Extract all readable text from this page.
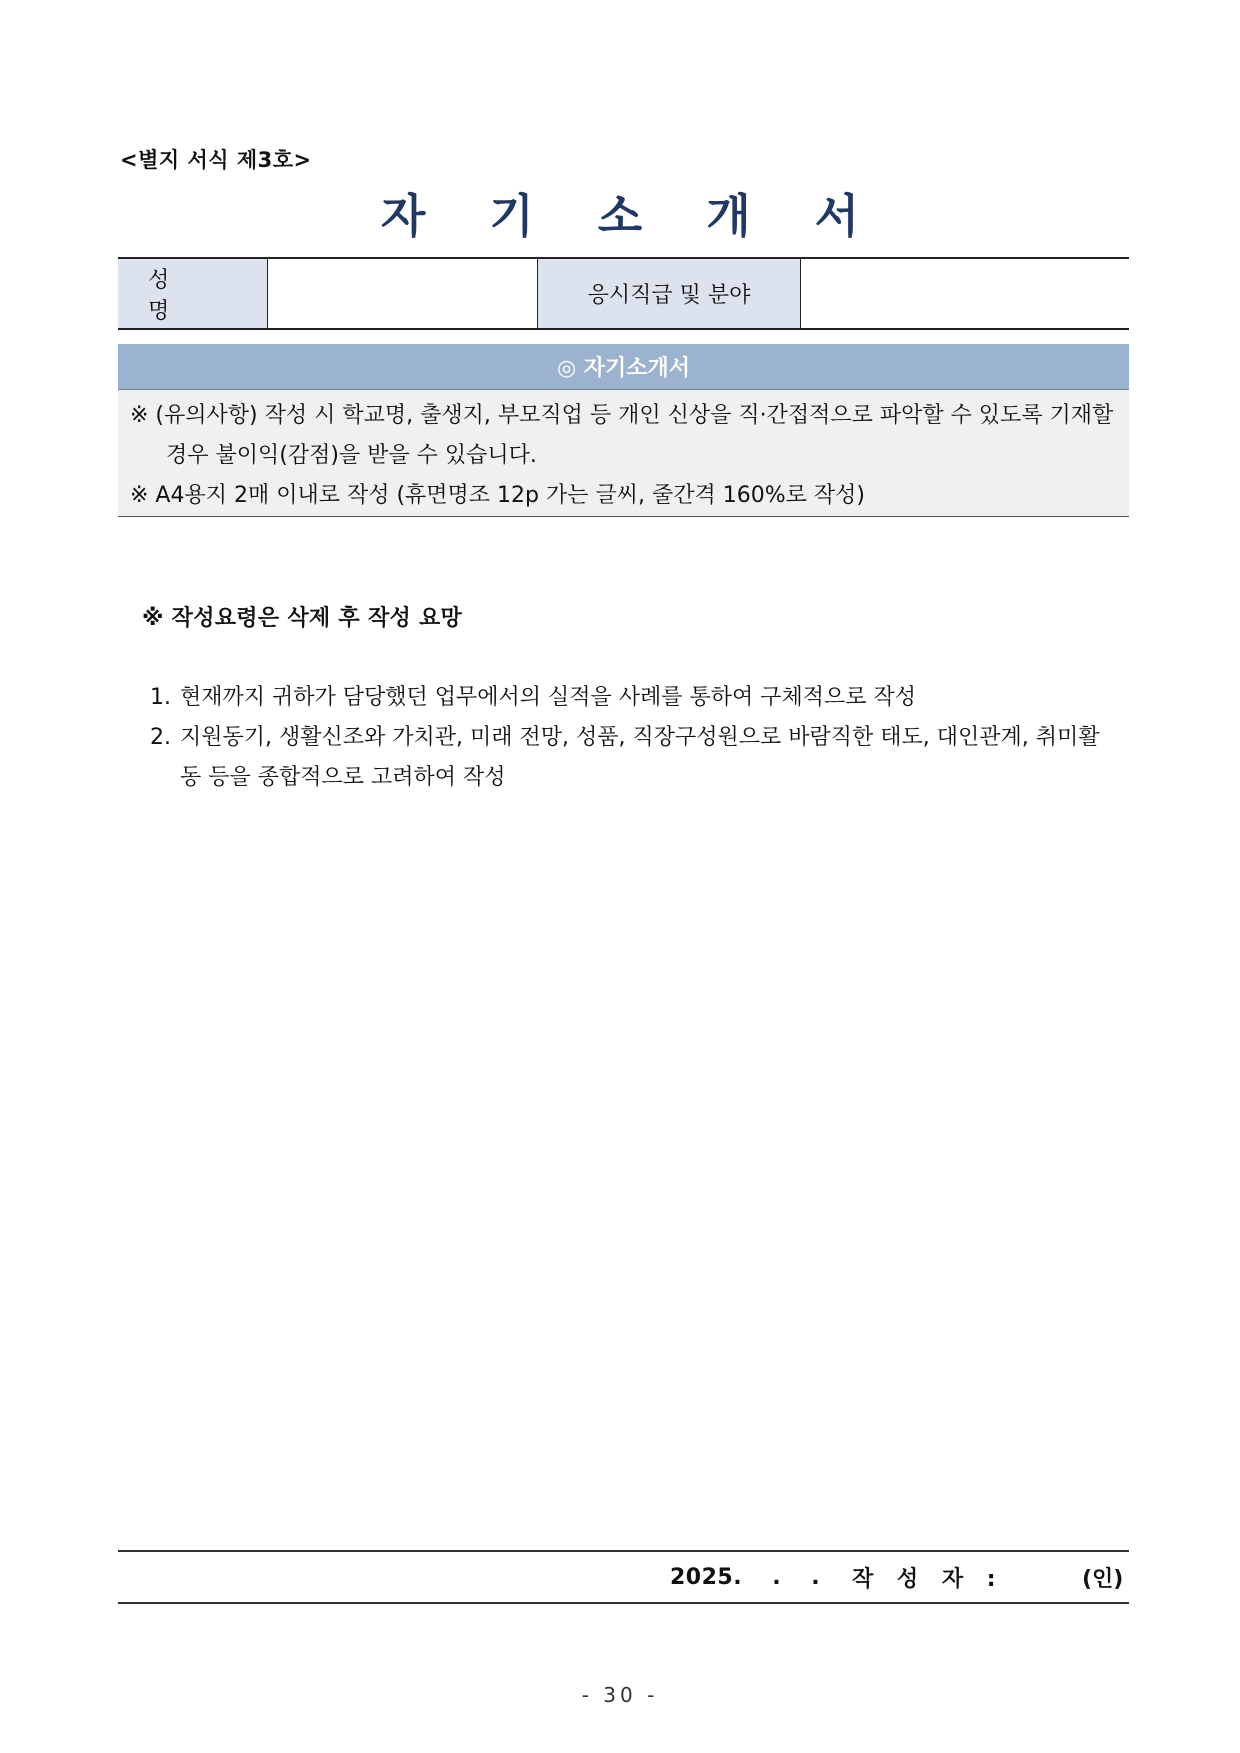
<별지 서식 제3호>
자 기 소 개 서
성 명
응시직급 및 분야
◎ 자기소개서
※ (유의사항) 작성 시 학교명, 출생지, 부모직업 등 개인 신상을 직·간접적으로 파악할 수 있도록 기재할
경우 불이익(감점)을 받을 수 있습니다.
※ A4용지 2매 이내로 작성 (휴면명조 12p 가는 글씨, 줄간격 160%로 작성)
※ 작성요령은 삭제 후 작성 요망
1. 현재까지 귀하가 담당했던 업무에서의 실적을 사례를 통하여 구체적으로 작성
2. 지원동기, 생활신조와 가치관, 미래 전망, 성품, 직장구성원으로 바람직한 태도, 대인관계, 취미활동 등을 종합적으로 고려하여 작성
2025. . . 작 성 자 :	(인)
- 30 -
